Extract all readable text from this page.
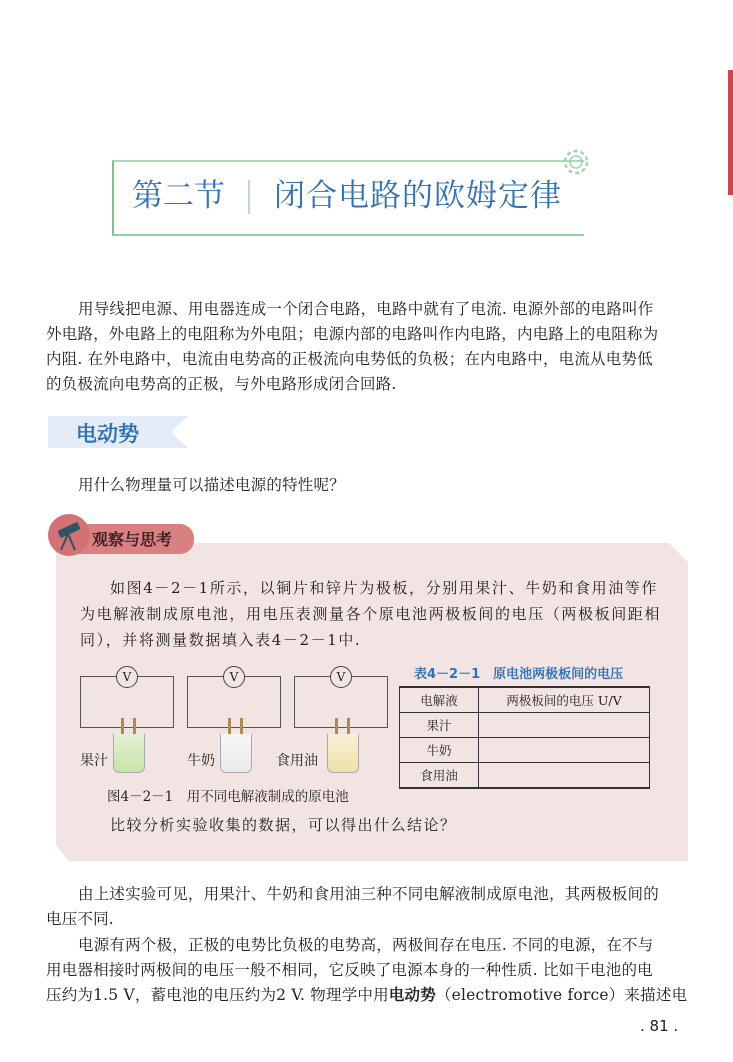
第二节 闭合电路的欧姆定律
用导线把电源、用电器连成一个闭合电路，电路中就有了电流. 电源外部的电路叫作
外电路，外电路上的电阻称为外电阻；电源内部的电路叫作内电路，内电路上的电阻称为
内阻. 在外电路中，电流由电势高的正极流向电势低的负极；在内电路中，电流从电势低
的负极流向电势高的正极，与外电路形成闭合回路.
电动势
用什么物理量可以描述电源的特性呢？
观察与思考
如图4－2－1所示，以铜片和锌片为极板，分别用果汁、牛奶和食用油等作
为电解液制成原电池，用电压表测量各个原电池两极板间的电压（两极板间距相
同），并将测量数据填入表4－2－1中.
V	V	V
果汁	牛奶	食用油
图4－2－1　用不同电解液制成的原电池
表4－2－1　原电池两极板间的电压
电解液	两极板间的电压 U/V
果汁	
牛奶	
食用油	
比较分析实验收集的数据，可以得出什么结论？
由上述实验可见，用果汁、牛奶和食用油三种不同电解液制成原电池，其两极板间的
电压不同.
电源有两个极，正极的电势比负极的电势高，两极间存在电压. 不同的电源，在不与
用电器相接时两极间的电压一般不相同，它反映了电源本身的一种性质. 比如干电池的电
压约为1.5 V，蓄电池的电压约为2 V. 物理学中用电动势（electromotive force）来描述电
. 81 .
